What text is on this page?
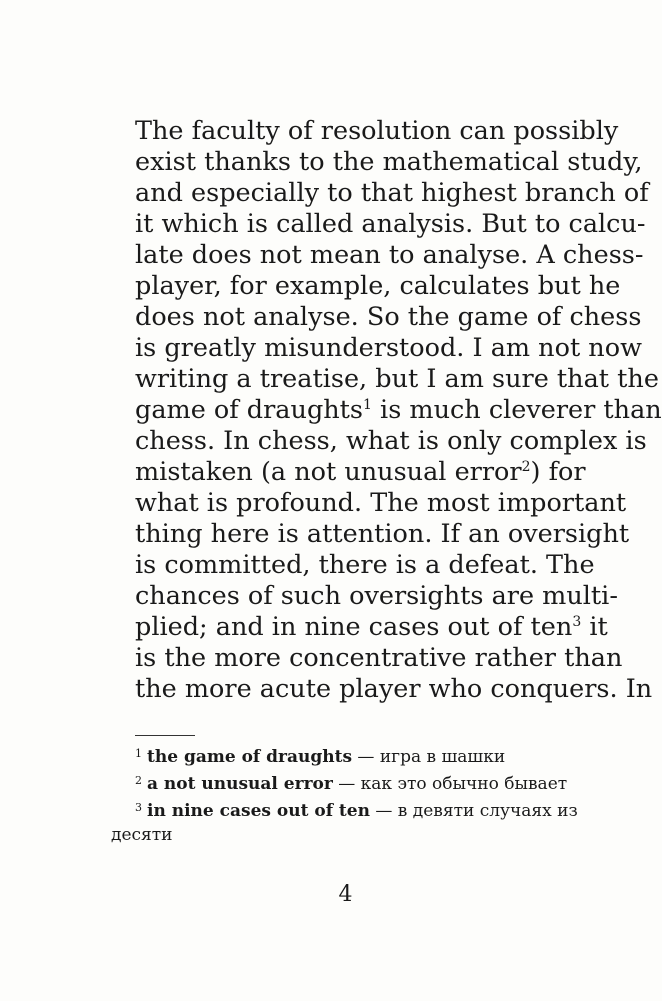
The faculty of resolution can possibly
exist thanks to the mathematical study,
and especially to that highest branch of
it which is called analysis. But to calcu-
late does not mean to analyse. A chess-
player, for example, calculates but he
does not analyse. So the game of chess
is greatly misunderstood. I am not now
writing a treatise, but I am sure that the
game of draughts$^1$ is much cleverer than
chess. In chess, what is only complex is
mistaken (a not unusual error$^2$) for
what is profound. The most important
thing here is attention. If an oversight
is committed, there is a defeat. The
chances of such oversights are multi-
plied; and in nine cases out of ten$^3$ it
is the more concentrative rather than
the more acute player who conquers. In
$^1$ the game of draughts — игра в шашки
$^2$ a not unusual error — как это обычно бывает
$^3$ in nine cases out of ten — в девяти случаях из
десяти
4
